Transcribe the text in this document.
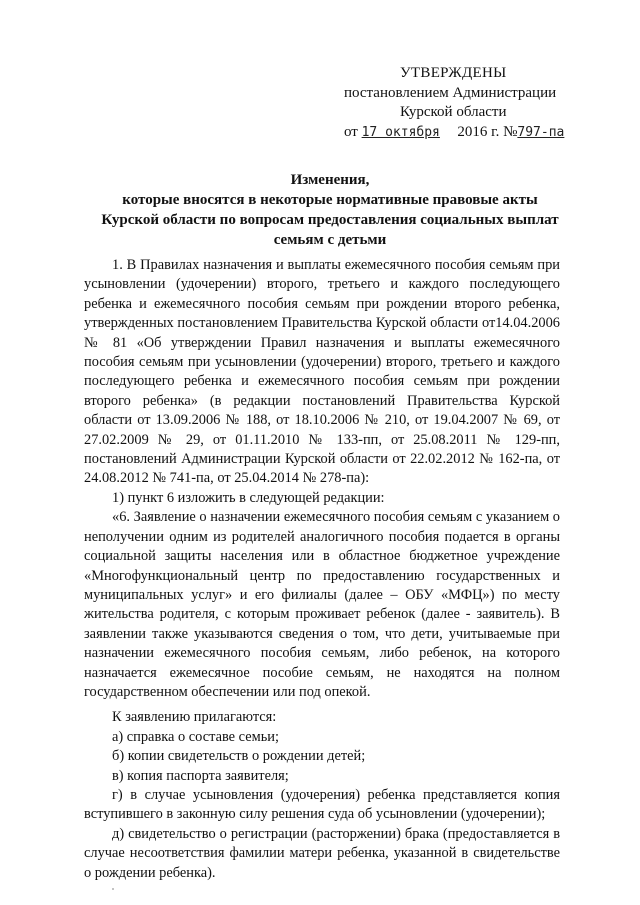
УТВЕРЖДЕНЫ
постановлением Администрации
Курской области
от 17 октября 2016 г. №797-па
Изменения,
которые вносятся в некоторые нормативные правовые акты
Курской области по вопросам предоставления социальных выплат
семьям с детьми

1. В Правилах назначения и выплаты ежемесячного пособия семьям при усыновлении (удочерении) второго, третьего и каждого последующего ребенка и ежемесячного пособия семьям при рождении второго ребенка, утвержденных постановлением Правительства Курской области от14.04.2006 № 81 «Об утверждении Правил назначения и выплаты ежемесячного пособия семьям при усыновлении (удочерении) второго, третьего и каждого последующего ребенка и ежемесячного пособия семьям при рождении второго ребенка» (в редакции постановлений Правительства Курской области от 13.09.2006 № 188, от 18.10.2006 № 210, от 19.04.2007 № 69, от 27.02.2009 № 29, от 01.11.2010 № 133-пп, от 25.08.2011 № 129-пп, постановлений Администрации Курской области от 22.02.2012 № 162-па, от 24.08.2012 № 741-па, от 25.04.2014 № 278-па):

1) пункт 6 изложить в следующей редакции:

«6. Заявление о назначении ежемесячного пособия семьям с указанием о неполучении одним из родителей аналогичного пособия подается в органы социальной защиты населения или в областное бюджетное учреждение «Многофункциональный центр по предоставлению государственных и муниципальных услуг» и его филиалы (далее – ОБУ «МФЦ») по месту жительства родителя, с которым проживает ребенок (далее - заявитель). В заявлении также указываются сведения о том, что дети, учитываемые при назначении ежемесячного пособия семьям, либо ребенок, на которого назначается ежемесячное пособие семьям, не находятся на полном государственном обеспечении или под опекой.

К заявлению прилагаются:

а) справка о составе семьи;

б) копии свидетельств о рождении детей;

в) копия паспорта заявителя;

г) в случае усыновления (удочерения) ребенка представляется копия вступившего в законную силу решения суда об усыновлении (удочерении);

д) свидетельство о регистрации (расторжении) брака (предоставляется в случае несоответствия фамилии матери ребенка, указанной в свидетельстве о рождении ребенка).
